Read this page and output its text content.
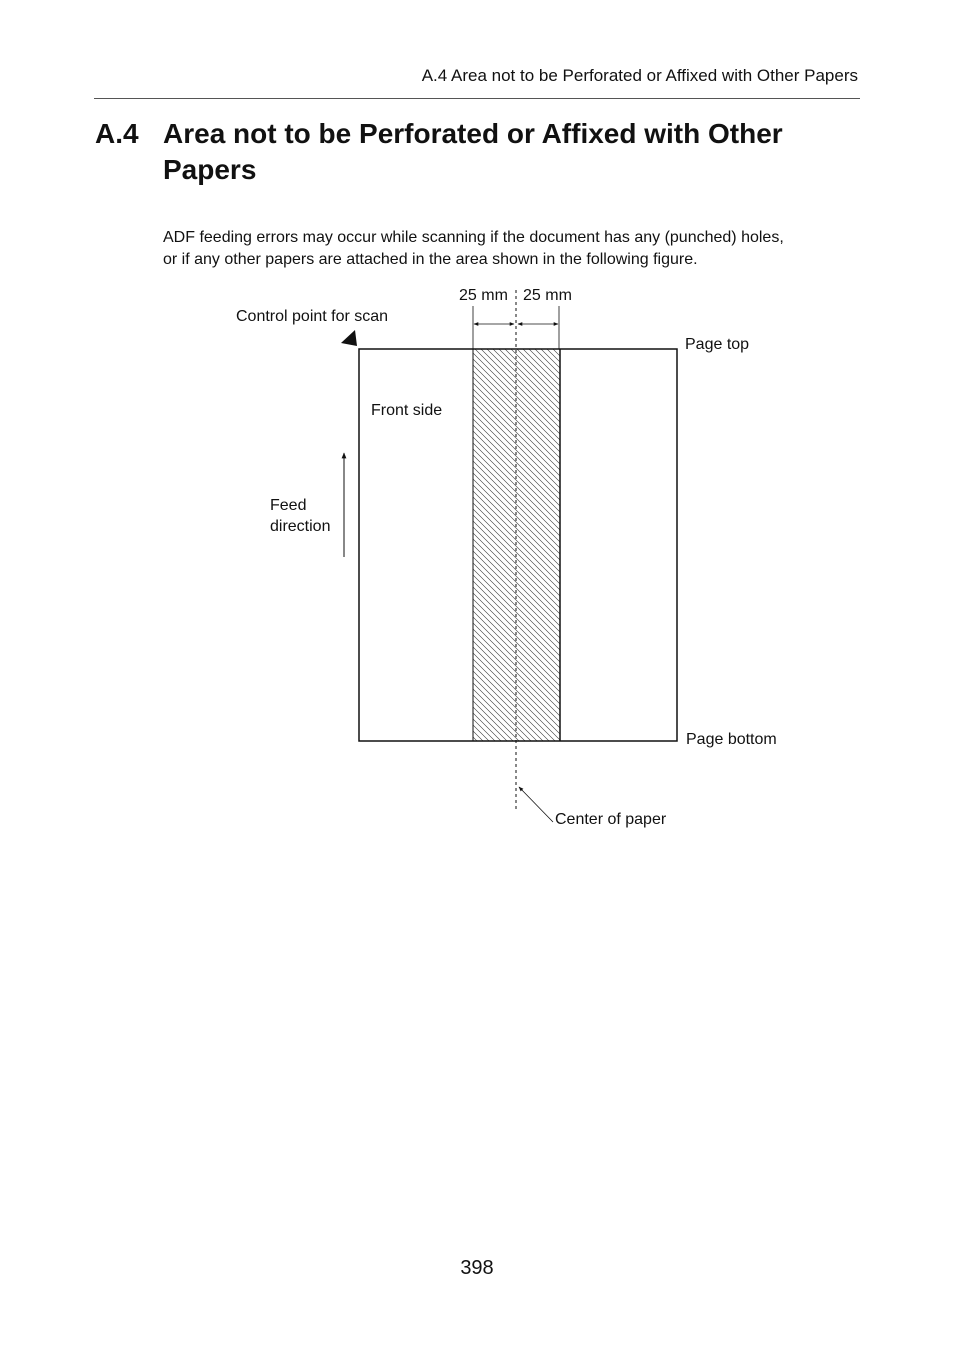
A.4 Area not to be Perforated or Affixed with Other Papers
A.4 Area not to be Perforated or Affixed with Other Papers

ADF feeding errors may occur while scanning if the document has any (punched) holes,

or if any other papers are attached in the area shown in the following figure.

25 mm 25 mm
Control point for scan
Page top
Front side
Feed
direction
Page bottom
Center of paper
398
